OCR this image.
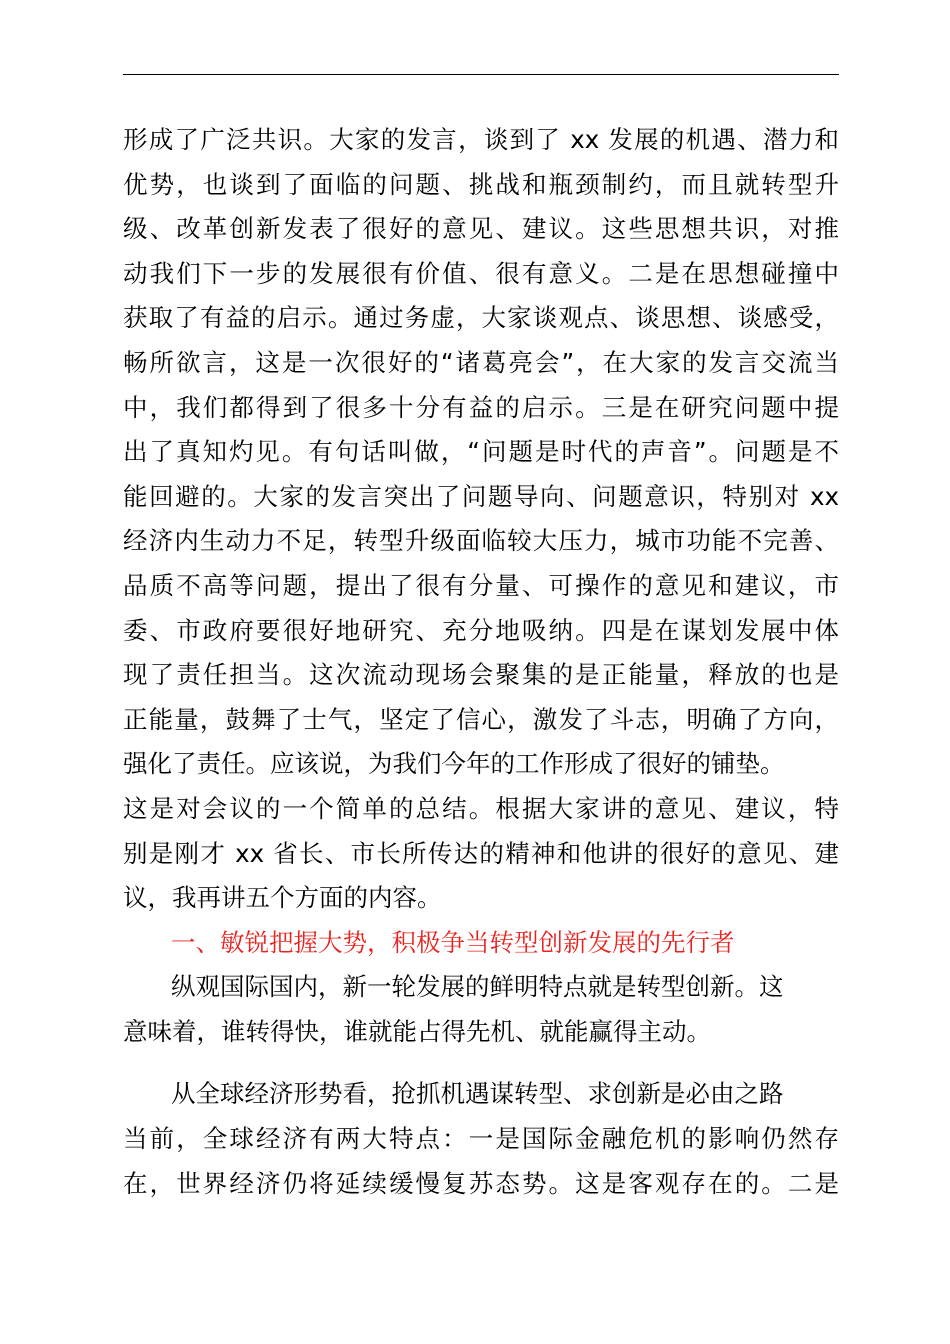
形成了广泛共识。大家的发言，谈到了 xx 发展的机遇、潜力和
优势，也谈到了面临的问题、挑战和瓶颈制约，而且就转型升
级、改革创新发表了很好的意见、建议。这些思想共识，对推
动我们下一步的发展很有价值、很有意义。二是在思想碰撞中
获取了有益的启示。通过务虚，大家谈观点、谈思想、谈感受，
畅所欲言，这是一次很好的“诸葛亮会”，在大家的发言交流当
中，我们都得到了很多十分有益的启示。三是在研究问题中提
出了真知灼见。有句话叫做，“问题是时代的声音”。问题是不
能回避的。大家的发言突出了问题导向、问题意识，特别对 xx
经济内生动力不足，转型升级面临较大压力，城市功能不完善、
品质不高等问题，提出了很有分量、可操作的意见和建议，市
委、市政府要很好地研究、充分地吸纳。四是在谋划发展中体
现了责任担当。这次流动现场会聚集的是正能量，释放的也是
正能量，鼓舞了士气，坚定了信心，激发了斗志，明确了方向，
强化了责任。应该说，为我们今年的工作形成了很好的铺垫。
这是对会议的一个简单的总结。根据大家讲的意见、建议，特
别是刚才 xx 省长、市长所传达的精神和他讲的很好的意见、建
议，我再讲五个方面的内容。
一、敏锐把握大势，积极争当转型创新发展的先行者
纵观国际国内，新一轮发展的鲜明特点就是转型创新。这
意味着，谁转得快，谁就能占得先机、就能赢得主动。
从全球经济形势看，抢抓机遇谋转型、求创新是必由之路
当前，全球经济有两大特点：一是国际金融危机的影响仍然存
在，世界经济仍将延续缓慢复苏态势。这是客观存在的。二是
